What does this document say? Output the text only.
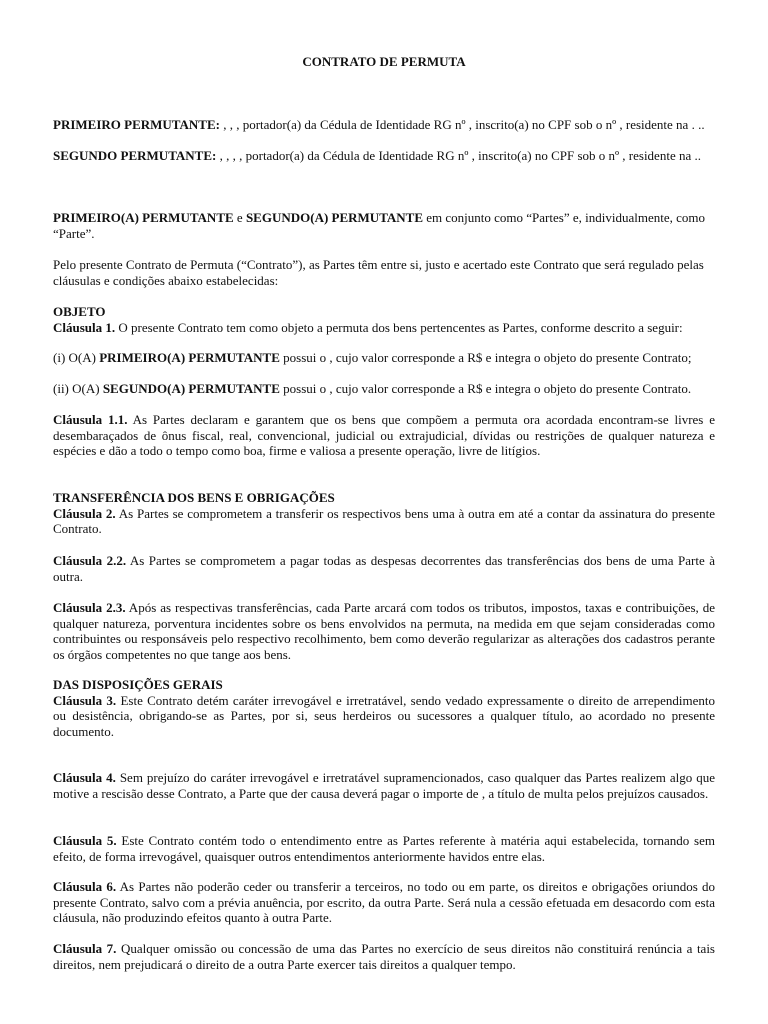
CONTRATO DE PERMUTA

PRIMEIRO PERMUTANTE: , , , portador(a) da Cédula de Identidade RG nº , inscrito(a) no CPF sob o nº , residente na . ..

SEGUNDO PERMUTANTE: , , , , portador(a) da Cédula de Identidade RG nº , inscrito(a) no CPF sob o nº , residente na ..

PRIMEIRO(A) PERMUTANTE e SEGUNDO(A) PERMUTANTE em conjunto como “Partes” e, individualmente, como “Parte”.

Pelo presente Contrato de Permuta (“Contrato”), as Partes têm entre si, justo e acertado este Contrato que será regulado pelas cláusulas e condições abaixo estabelecidas:

OBJETO
Cláusula 1. O presente Contrato tem como objeto a permuta dos bens pertencentes as Partes, conforme descrito a seguir:

(i) O(A) PRIMEIRO(A) PERMUTANTE possui o , cujo valor corresponde a R$ e integra o objeto do presente Contrato;

(ii) O(A) SEGUNDO(A) PERMUTANTE possui o , cujo valor corresponde a R$ e integra o objeto do presente Contrato.

Cláusula 1.1. As Partes declaram e garantem que os bens que compõem a permuta ora acordada encontram-se livres e desembaraçados de ônus fiscal, real, convencional, judicial ou extrajudicial, dívidas ou restrições de qualquer natureza e espécies e dão a todo o tempo como boa, firme e valiosa a presente operação, livre de litígios.

TRANSFERÊNCIA DOS BENS E OBRIGAÇÕES
Cláusula 2. As Partes se comprometem a transferir os respectivos bens uma à outra em até a contar da assinatura do presente Contrato.

Cláusula 2.2. As Partes se comprometem a pagar todas as despesas decorrentes das transferências dos bens de uma Parte à outra.

Cláusula 2.3. Após as respectivas transferências, cada Parte arcará com todos os tributos, impostos, taxas e contribuições, de qualquer natureza, porventura incidentes sobre os bens envolvidos na permuta, na medida em que sejam consideradas como contribuintes ou responsáveis pelo respectivo recolhimento, bem como deverão regularizar as alterações dos cadastros perante os órgãos competentes no que tange aos bens.

DAS DISPOSIÇÕES GERAIS
Cláusula 3. Este Contrato detém caráter irrevogável e irretratável, sendo vedado expressamente o direito de arrependimento ou desistência, obrigando-se as Partes, por si, seus herdeiros ou sucessores a qualquer título, ao acordado no presente documento.

Cláusula 4. Sem prejuízo do caráter irrevogável e irretratável supramencionados, caso qualquer das Partes realizem algo que motive a rescisão desse Contrato, a Parte que der causa deverá pagar o importe de , a título de multa pelos prejuízos causados.

Cláusula 5. Este Contrato contém todo o entendimento entre as Partes referente à matéria aqui estabelecida, tornando sem efeito, de forma irrevogável, quaisquer outros entendimentos anteriormente havidos entre elas.

Cláusula 6. As Partes não poderão ceder ou transferir a terceiros, no todo ou em parte, os direitos e obrigações oriundos do presente Contrato, salvo com a prévia anuência, por escrito, da outra Parte. Será nula a cessão efetuada em desacordo com esta cláusula, não produzindo efeitos quanto à outra Parte.

Cláusula 7. Qualquer omissão ou concessão de uma das Partes no exercício de seus direitos não constituirá renúncia a tais direitos, nem prejudicará o direito de a outra Parte exercer tais direitos a qualquer tempo.
